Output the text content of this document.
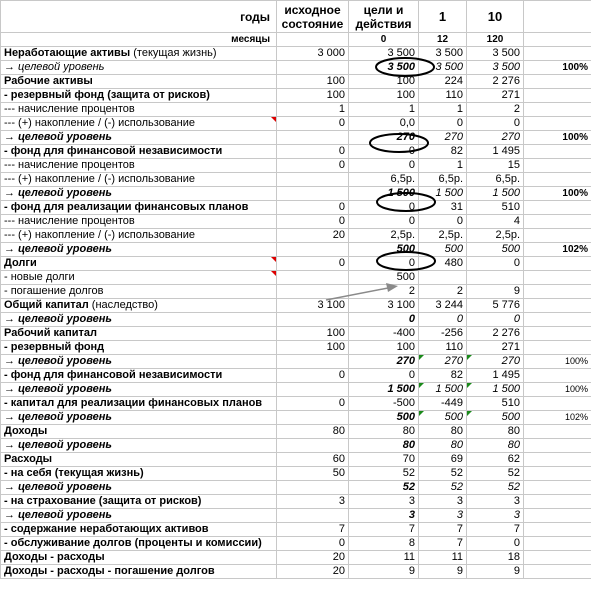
годы	исходное состояние	цели и действия	1	10	
месяцы		0	12	120	
Неработающие активы (текущая жизнь)	3 000	3 500	3 500	3 500	
→ целевой уровень		3 500	3 500	3 500	100%
Рабочие активы	100	100	224	2 276	
- резервный фонд (защита от рисков)	100	100	110	271	
--- начисление процентов	1	1	1	2	
--- (+) накопление / (-) использование	0	0,0	0	0	
→ целевой уровень		270	270	270	100%
- фонд для финансовой независимости	0	0	82	1 495	
--- начисление процентов	0	0	1	15	
--- (+) накопление / (-) использование		6,5р.	6,5р.	6,5р.	
→ целевой уровень		1 500	1 500	1 500	100%
- фонд для реализации финансовых планов	0	0	31	510	
--- начисление процентов	0	0	0	4	
--- (+) накопление / (-) использование	20	2,5р.	2,5р.	2,5р.	
→ целевой уровень		500	500	500	102%
Долги	0	0	480	0	
- новые долги		500			
- погашение долгов		2	2	9	
Общий капитал (наследство)	3 100	3 100	3 244	5 776	
→ целевой уровень		0	0	0	
Рабочий капитал	100	-400	-256	2 276	
- резервный фонд	100	100	110	271	
→ целевой уровень		270	270	270	100%
- фонд для финансовой независимости	0	0	82	1 495	
→ целевой уровень		1 500	1 500	1 500	100%
- капитал для реализации финансовых планов	0	-500	-449	510	
→ целевой уровень		500	500	500	102%
Доходы	80	80	80	80	
→ целевой уровень		80	80	80	
Расходы	60	70	69	62	
- на себя (текущая жизнь)	50	52	52	52	
→ целевой уровень		52	52	52	
- на страхование (защита от рисков)	3	3	3	3	
→ целевой уровень		3	3	3	
- содержание неработающих активов	7	7	7	7	
- обслуживание долгов (проценты и комиссии)	0	8	7	0	
Доходы - расходы	20	11	11	18	
Доходы - расходы - погашение долгов	20	9	9	9	
